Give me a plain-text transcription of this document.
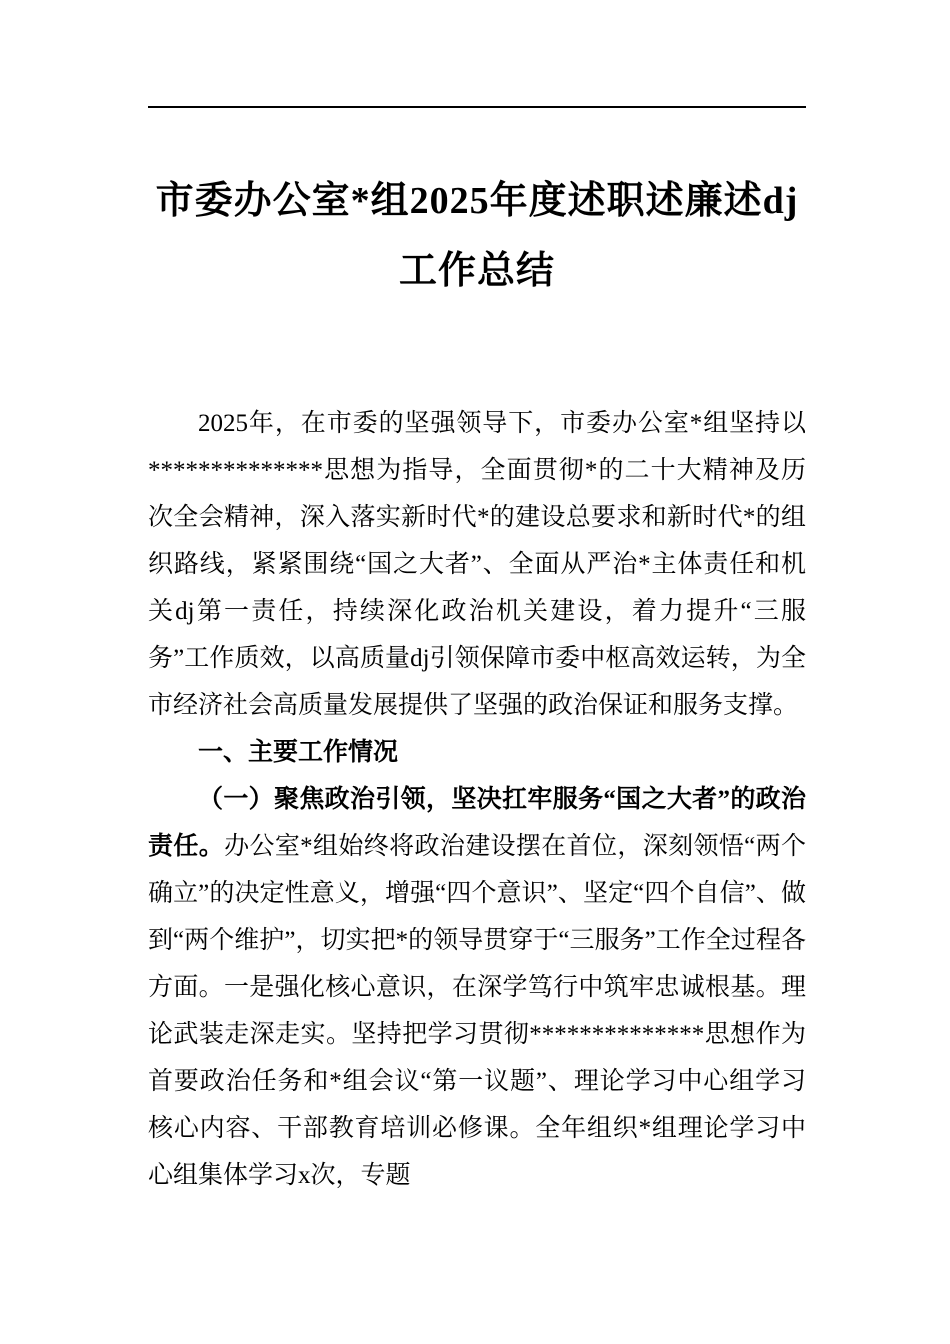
市委办公室*组2025年度述职述廉述dj工作总结

2025年，在市委的坚强领导下，市委办公室*组坚持以**************思想为指导，全面贯彻*的二十大精神及历次全会精神，深入落实新时代*的建设总要求和新时代*的组织路线，紧紧围绕“国之大者”、全面从严治*主体责任和机关dj第一责任，持续深化政治机关建设，着力提升“三服务”工作质效，以高质量dj引领保障市委中枢高效运转，为全市经济社会高质量发展提供了坚强的政治保证和服务支撑。

一、主要工作情况

（一）聚焦政治引领，坚决扛牢服务“国之大者”的政治责任。办公室*组始终将政治建设摆在首位，深刻领悟“两个确立”的决定性意义，增强“四个意识”、坚定“四个自信”、做到“两个维护”，切实把*的领导贯穿于“三服务”工作全过程各方面。一是强化核心意识，在深学笃行中筑牢忠诚根基。理论武装走深走实。坚持把学习贯彻**************思想作为首要政治任务和*组会议“第一议题”、理论学习中心组学习核心内容、干部教育培训必修课。全年组织*组理论学习中心组集体学习x次，专题
